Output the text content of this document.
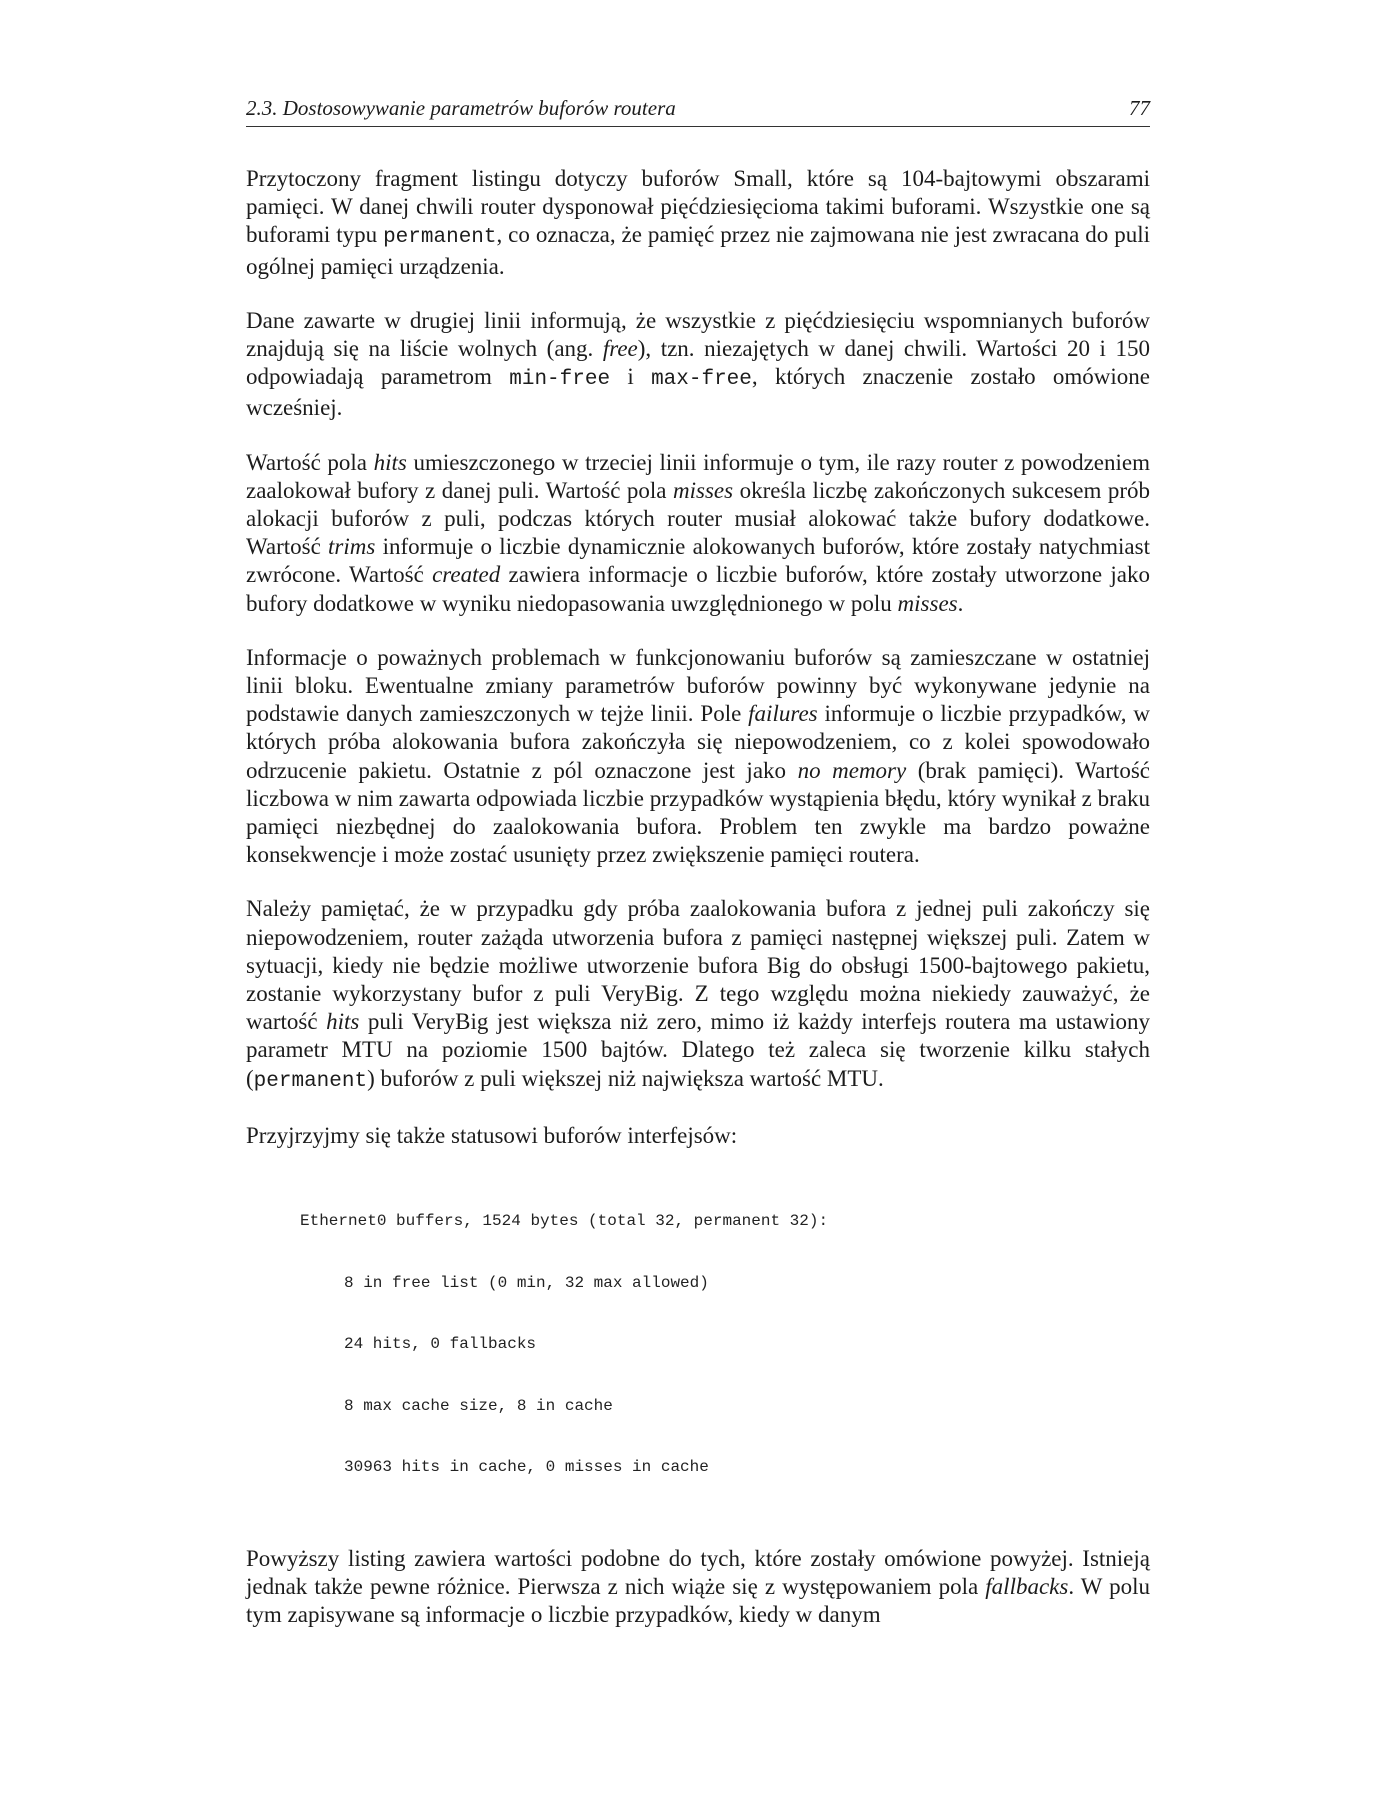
2.3. Dostosowywanie parametrów buforów routera	77

Przytoczony fragment listingu dotyczy buforów Small, które są 104-bajtowymi obszarami pamięci. W danej chwili router dysponował pięćdziesięcioma takimi buforami. Wszystkie one są buforami typu permanent, co oznacza, że pamięć przez nie zajmowana nie jest zwracana do puli ogólnej pamięci urządzenia.

Dane zawarte w drugiej linii informują, że wszystkie z pięćdziesięciu wspomnianych buforów znajdują się na liście wolnych (ang. free), tzn. niezajętych w danej chwili. Wartości 20 i 150 odpowiadają parametrom min-free i max-free, których znaczenie zostało omówione wcześniej.

Wartość pola hits umieszczonego w trzeciej linii informuje o tym, ile razy router z powodzeniem zaalokował bufory z danej puli. Wartość pola misses określa liczbę zakończonych sukcesem prób alokacji buforów z puli, podczas których router musiał alokować także bufory dodatkowe. Wartość trims informuje o liczbie dynamicznie alokowanych buforów, które zostały natychmiast zwrócone. Wartość created zawiera informacje o liczbie buforów, które zostały utworzone jako bufory dodatkowe w wyniku niedopasowania uwzględnionego w polu misses.

Informacje o poważnych problemach w funkcjonowaniu buforów są zamieszczane w ostatniej linii bloku. Ewentualne zmiany parametrów buforów powinny być wykonywane jedynie na podstawie danych zamieszczonych w tejże linii. Pole failures informuje o liczbie przypadków, w których próba alokowania bufora zakończyła się niepowodzeniem, co z kolei spowodowało odrzucenie pakietu. Ostatnie z pól oznaczone jest jako no memory (brak pamięci). Wartość liczbowa w nim zawarta odpowiada liczbie przypadków wystąpienia błędu, który wynikał z braku pamięci niezbędnej do zaalokowania bufora. Problem ten zwykle ma bardzo poważne konsekwencje i może zostać usunięty przez zwiększenie pamięci routera.

Należy pamiętać, że w przypadku gdy próba zaalokowania bufora z jednej puli zakończy się niepowodzeniem, router zażąda utworzenia bufora z pamięci następnej większej puli. Zatem w sytuacji, kiedy nie będzie możliwe utworzenie bufora Big do obsługi 1500-bajtowego pakietu, zostanie wykorzystany bufor z puli VeryBig. Z tego względu można niekiedy zauważyć, że wartość hits puli VeryBig jest większa niż zero, mimo iż każdy interfejs routera ma ustawiony parametr MTU na poziomie 1500 bajtów. Dlatego też zaleca się tworzenie kilku stałych (permanent) buforów z puli większej niż największa wartość MTU.

Przyjrzyjmy się także statusowi buforów interfejsów:

Ethernet0 buffers, 1524 bytes (total 32, permanent 32):

8 in free list (0 min, 32 max allowed)

24 hits, 0 fallbacks

8 max cache size, 8 in cache

30963 hits in cache, 0 misses in cache

Powyższy listing zawiera wartości podobne do tych, które zostały omówione powyżej. Istnieją jednak także pewne różnice. Pierwsza z nich wiąże się z występowaniem pola fallbacks. W polu tym zapisywane są informacje o liczbie przypadków, kiedy w danym
